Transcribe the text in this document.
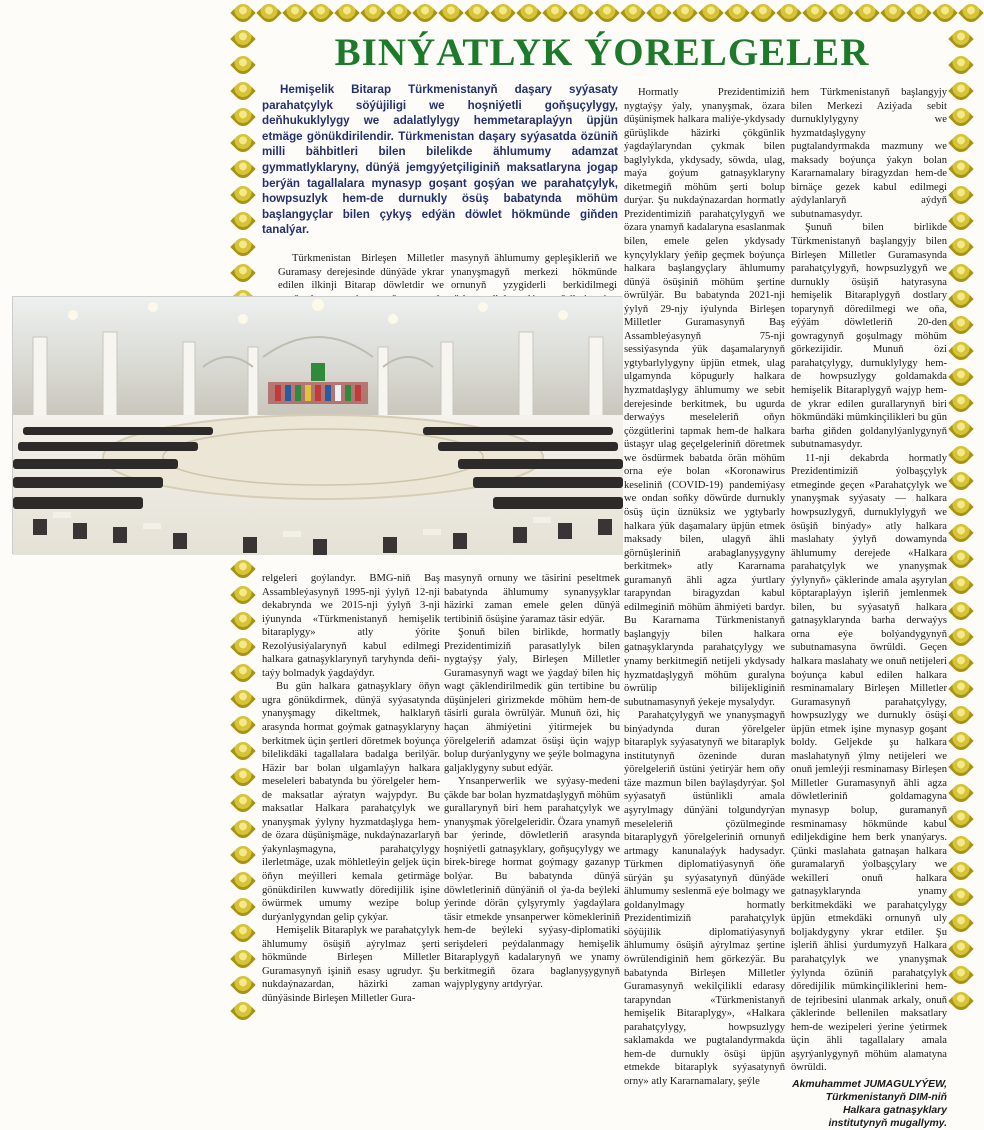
BINÝATLYK ÝORELGELER
Hemişelik Bitarap Türkmenistanyň daşary syýasaty parahatçylyk söýüjiligi we hoşniýetli goňşuçylygy, deňhukuklylygy we adalatlylygy hemmetaraplaýyn üpjün etmäge gönükdirilendir. Türkmenistan daşary syýasatda özüniň milli bähbitleri bilen bilelikde ählumumy adamzat gymmatlyklaryny, dünýä jemgyýetçiliginiň maksatlaryna jogap berýän tagallalara mynasyp goşant goşýan we parahatçylyk, howpsuzlyk hem-de durnukly ösüş babatynda möhüm başlangyçlar bilen çykyş edýän döwlet hökmünde giňden tanalýar.

Türkmenistan Birleşen Milletler Guramasy derejesinde dünýäde ykrar edilen ilkinji Bitarap döwletdir we

masynyň ählumumy gepleşikleriň we ynanyşmagyň merkezi hökmünde ornunyň yzygiderli berkidilmegi

relgeleri goýlandyr. BMG-niň Baş Assambleýasynyň 1995-nji ýylyň 12-nji dekabrynda we 2015-nji ýylyň 3-nji iýunynda «Türkmenistanyň hemişelik bitaraplygy» atly ýörite Rezolýusiýalarynyň kabul edilmegi halkara gatnaşyklarynyň taryhynda deňi-taýy bolmadyk ýagdaýdyr.

Bu gün halkara gatnaşyklary öňyn ugra gönükdirmek, dünýä syýasatynda ynanyşmagy dikeltmek, halklaryň arasynda hormat goýmak gatnaşyklaryny berkitmek üçin şertleri döretmek boýunça bilelikdäki tagallalara badalga berilýär. Häzir bar bolan ulgamlaýyn halkara meseleleri babatynda bu ýörelgeler hem-de maksatlar aýratyn wajypdyr. Bu maksatlar Halkara parahatçylyk we ynanyşmak ýylyny hyzmatdaşlyga hem-de özara düşünişmäge, nukdaýnazarlaryň ýakynlaşmagyna, parahatçylygy ilerletmäge, uzak möhletleýin geljek üçin öňyn meýilleri kemala getirmäge gönükdirilen kuwwatly döredijilik işine öwürmek umumy wezipe bolup durýanlygyndan gelip çykýar.

Hemişelik Bitaraplyk we parahatçylyk ählumumy ösüşiň aýrylmaz şerti hökmünde Birleşen Milletler Guramasynyň işiniň esasy ugrudyr. Şu nukdaýnazardan, häzirki zaman dünýäsinde Birleşen Milletler Gura-

masynyň ornuny we täsirini peseltmek babatynda ählumumy synanyşyklar häzirki zaman emele gelen dünýä tertibiniň ösüşine ýaramaz täsir edýär.

Şonuň bilen birlikde, hormatly Prezidentimiziň parasatlylyk bilen nygtaýşy ýaly, Birleşen Milletler Guramasynyň wagt we ýagdaý bilen hiç wagt çäklendirilmedik gün tertibine bu düşünjeleri girizmekde möhüm hem-de täsirli gurala öwrülýär. Munuň özi, hiç haçan ähmiýetini ýitirmejek bu ýörelgeleriň adamzat ösüşi üçin wajyp bolup durýanlygyny we şeýle bolmagyna galjaklygyny subut edýär.

Ynsanperwerlik we syýasy-medeni çäkde bar bolan hyzmatdaşlygyň möhüm gurallarynyň biri hem parahatçylyk we ynanyşmak ýörelgeleridir. Özara ynamyň bar ýerinde, döwletleriň arasynda hoşniýetli gatnaşyklary, goňşuçylygy we birek-birege hormat goýmagy gazanyp bolýar. Bu babatynda dünýä döwletleriniň dünýäniň ol ýa-da beýleki ýerinde dörän çylşyrymly ýagdaýlara täsir etmekde ynsanperwer kömekleriniň hem-de beýleki syýasy-diplomatiki serişdeleri peýdalanmagy hemişelik Bitaraplygyň kadalarynyň we ynamy berkitmegiň özara baglanyşygynyň wajyplygyny artdyrýar.

Hormatly Prezidentimiziň nygtaýşy ýaly, ynanyşmak, özara düşünişmek halkara maliýe-ykdysady gürüşlikde häzirki çökgünlik ýagdaýlaryndan çykmak bilen baglylykda, ykdysady, söwda, ulag, maýa goýum gatnaşyklaryny diketmegiň möhüm şerti bolup durýar. Şu nukdaýnazardan hormatly Prezidentimiziň parahatçylygyň we özara ynamyň kadalaryna esaslanmak bilen, emele gelen ykdysady kynçylyklary ýeňip geçmek boýunça halkara başlangyçlary ählumumy dünýä ösüşiniň möhüm şertine öwrülýär. Bu babatynda 2021-nji ýylyň 29-njy iýulynda Birleşen Milletler Guramasynyň Baş Assambleýasynyň 75-nji sessiýasynda ýük daşamalarynyň ygtybarlylygyny üpjün etmek, ulag ulgamynda köpugurly halkara hyzmatdaşlygy ählumumy we sebit derejesinde berkitmek, bu ugurda derwaýys meseleleriň oňyn çözgütlerini tapmak hem-de halkara üstaşyr ulag geçelgeleriniň döretmek we ösdürmek babatda örän möhüm orna eýe bolan «Koronawirus keseliniň (COVID-19) pandemiýasy we ondan soňky döwürde durnukly ösüş üçin üznüksiz we ygtybarly halkara ýük daşamalary üpjün etmek maksady bilen, ulagyň ähli görnüşleriniň arabaglanyşygyny berkitmek» atly Kararnama guramanyň ähli agza ýurtlary tarapyndan biragyzdan kabul edilmeginiň möhüm ähmiýeti bardyr. Bu Kararnama Türkmenistanyň başlangyjy bilen halkara gatnaşyklarynda parahatçylygy we ynamy berkitmegiň netijeli ykdysady hyzmatdaşlygyň möhüm guralyna öwrülip bilijekliginiň subutnamasynyň ýekeje mysalydyr.

Parahatçylygyň we ynanyşmagyň binýadynda duran ýörelgeler bitaraplyk syýasatynyň we bitaraplyk institutynyň özeninde duran ýörelgeleriň üstüni ýetirýär hem oňy täze mazmun bilen baýlaşdyrýar. Şol syýasatyň üstünlikli amala aşyrylmagy dünýäni tolgundyrýan meseleleriň çözülmeginde bitaraplygyň ýörelgeleriniň ornunyň artmagy kanunalaýyk hadysadyr. Türkmen diplomatiýasynyň öňe sürýän şu syýasatynyň dünýäde ählumumy seslenmä eýe bolmagy we goldanylmagy hormatly Prezidentimiziň parahatçylyk söýüjilik diplomatiýasynyň ählumumy ösüşiň aýrylmaz şertine öwrülendiginiň hem görkezýär. Bu babatynda Birleşen Milletler Guramasynyň wekilçilikli edarasy tarapyndan «Türkmenistanyň hemişelik Bitaraplygy», «Halkara parahatçylygy, howpsuzlygy saklamakda we pugtalandyrmakda hem-de durnukly ösüşi üpjün etmekde bitaraplyk syýasatynyň orny» atly Kararnamalary, şeýle

hem Türkmenistanyň başlangyjy bilen Merkezi Aziýada sebit durnuklylygyny we hyzmatdaşlygyny pugtalandyrmakda mazmuny we maksady boýunça ýakyn bolan Kararnamalary biragyzdan hem-de birnäçe gezek kabul edilmegi aýdylanlaryň aýdyň subutnamasydyr.

Şunuň bilen birlikde Türkmenistanyň başlangyjy bilen Birleşen Milletler Guramasynda parahatçylygyň, howpsuzlygyň we durnukly ösüşiň hatyrasyna hemişelik Bitaraplygyň dostlary toparynyň döredilmegi we oňa, eýýäm döwletleriň 20-den gowragynyň goşulmagy möhüm görkezijidir. Munuň özi parahatçylygy, durnuklylygy hem-de howpsuzlygy goldamakda hemişelik Bitaraplygyň wajyp hem-de ykrar edilen gurallarynyň biri hökmündäki mümkinçilikleri bu gün barha giňden goldanylýanlygynyň subutnamasydyr.

11-nji dekabrda hormatly Prezidentimiziň ýolbaşçylyk etmeginde geçen «Parahatçylyk we ynanyşmak syýasaty — halkara howpsuzlygyň, durnuklylygyň we ösüşiň binýady» atly halkara maslahaty ýylyň dowamynda ählumumy derejede «Halkara parahatçylyk we ynanyşmak ýylynyň» çäklerinde amala aşyrylan köptaraplaýyn işleriň jemlenmek bilen, bu syýasatyň halkara gatnaşyklarynda barha derwaýys orna eýe bolýandygynyň subutnamasyna öwrüldi. Geçen halkara maslahaty we onuň netijeleri boýunça kabul edilen halkara resminamalary Birleşen Milletler Guramasynyň parahatçylygy, howpsuzlygy we durnukly ösüşi üpjün etmek işine mynasyp goşant boldy. Geljekde şu halkara maslahatynyň ýlmy netijeleri we onuň jemleýji resminamasy Birleşen Milletler Guramasynyň ähli agza döwletleriniň goldamagyna mynasyp bolup, guramanyň resminamasy hökmünde kabul ediljekdigine hem berk ynanýarys. Çünki maslahata gatnaşan halkara guramalaryň ýolbaşçylary we wekilleri onuň halkara gatnaşyklarynda ynamy berkitmekdäki we parahatçylygy üpjün etmekdäki ornunyň uly boljakdygyny ykrar etdiler. Şu işleriň ählisi ýurdumyzyň Halkara parahatçylyk we ynanyşmak ýylynda özüniň parahatçylyk döredijilik mümkinçiliklerini hem-de tejribesini ulanmak arkaly, onuň çäklerinde bellenilen maksatlary hem-de wezipeleri ýerine ýetirmek üçin ähli tagallalary amala aşyrýanlygynyň möhüm alamatyna öwrüldi.

Akmuhammet JUMAGULYÝEW,
Türkmenistanyň DIM-niň
Halkara gatnaşyklary
institutynyň mugallymy.
